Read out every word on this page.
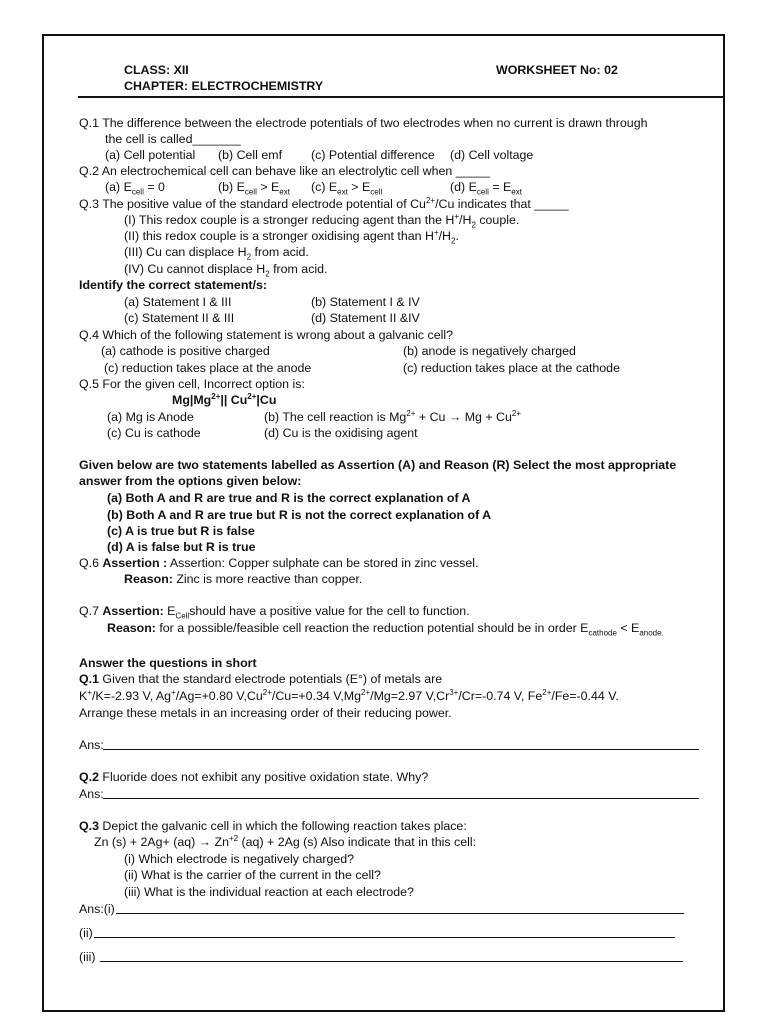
CLASS: XII
CHAPTER: ELECTROCHEMISTRY
WORKSHEET No: 02
Q.1 The difference between the electrode potentials of two electrodes when no current is drawn through
the cell is called_______
(a) Cell potential (b) Cell emf (c) Potential difference (d) Cell voltage
Q.2 An electrochemical cell can behave like an electrolytic cell when _____
(a) $E_{cell} = 0$	(b) $E_{cell} > E_{ext}$ (c) $E_{ext} > E_{cell}$	(d) $E_{cell} = E_{ext}$
Q.3 The positive value of the standard electrode potential of $Cu^{2+}/Cu$ indicates that _____
(I) This redox couple is a stronger reducing agent than the $H^+/H_2$ couple.
(II) this redox couple is a stronger oxidising agent than $H^+/H_2$.
(III) Cu can displace $H_2$ from acid.
(IV) Cu cannot displace $H_2$ from acid.
Identify the correct statement/s:
(a) Statement I & III	(b) Statement I & IV
(c) Statement II & III	(d) Statement II &IV
Q.4 Which of the following statement is wrong about a galvanic cell?
(a) cathode is positive charged	(b) anode is negatively charged
(c) reduction takes place at the anode	(c) reduction takes place at the cathode
Q.5 For the given cell, Incorrect option is:
$Mg|Mg^{2+}||$ $Cu^{2+}|Cu$
(a) Mg is Anode	(b) The cell reaction is $Mg^{2+} + Cu \to Mg + Cu^{2+}$
(c) Cu is cathode	(d) Cu is the oxidising agent
Given below are two statements labelled as Assertion (A) and Reason (R) Select the most appropriate
answer from the options given below:
(a) Both A and R are true and R is the correct explanation of A
(b) Both A and R are true but R is not the correct explanation of A
(c) A is true but R is false
(d) A is false but R is true
Q.6 Assertion : Assertion: Copper sulphate can be stored in zinc vessel.
Reason: Zinc is more reactive than copper.
Q.7 Assertion: $E_{Cell}should$ have a positive value for the cell to function.
Reason: for a possible/feasible cell reaction the reduction potential should be in order $E_{cathode} < E_{anode.}$
Answer the questions in short
Q.1 Given that the standard electrode potentials (E°) of metals are
K+/K=-2.93 V, Ag+/Ag=+0.80 $V,Cu^{2+}/Cu=+0.34$ $V,Mg^{2+}/Mg=2.97$ $V,Cr^{3+}/Cr=-0.74$ V, $Fe^{2+}/Fe=-0.44$ V.
Arrange these metals in an increasing order of their reducing power.
Ans:
Q.2 Fluoride does not exhibit any positive oxidation state. Why?
Ans:
Q.3 Depict the galvanic cell in which the following reaction takes place:
Zn $(s) + 2Ag+ (aq) \to Zn^{+2}$ (aq) + 2Ag (s) Also indicate that in this cell:
(i) Which electrode is negatively charged?
(ii) What is the carrier of the current in the cell?
(iii) What is the individual reaction at each electrode?
Ans:(i)
(ii)
(iii)
